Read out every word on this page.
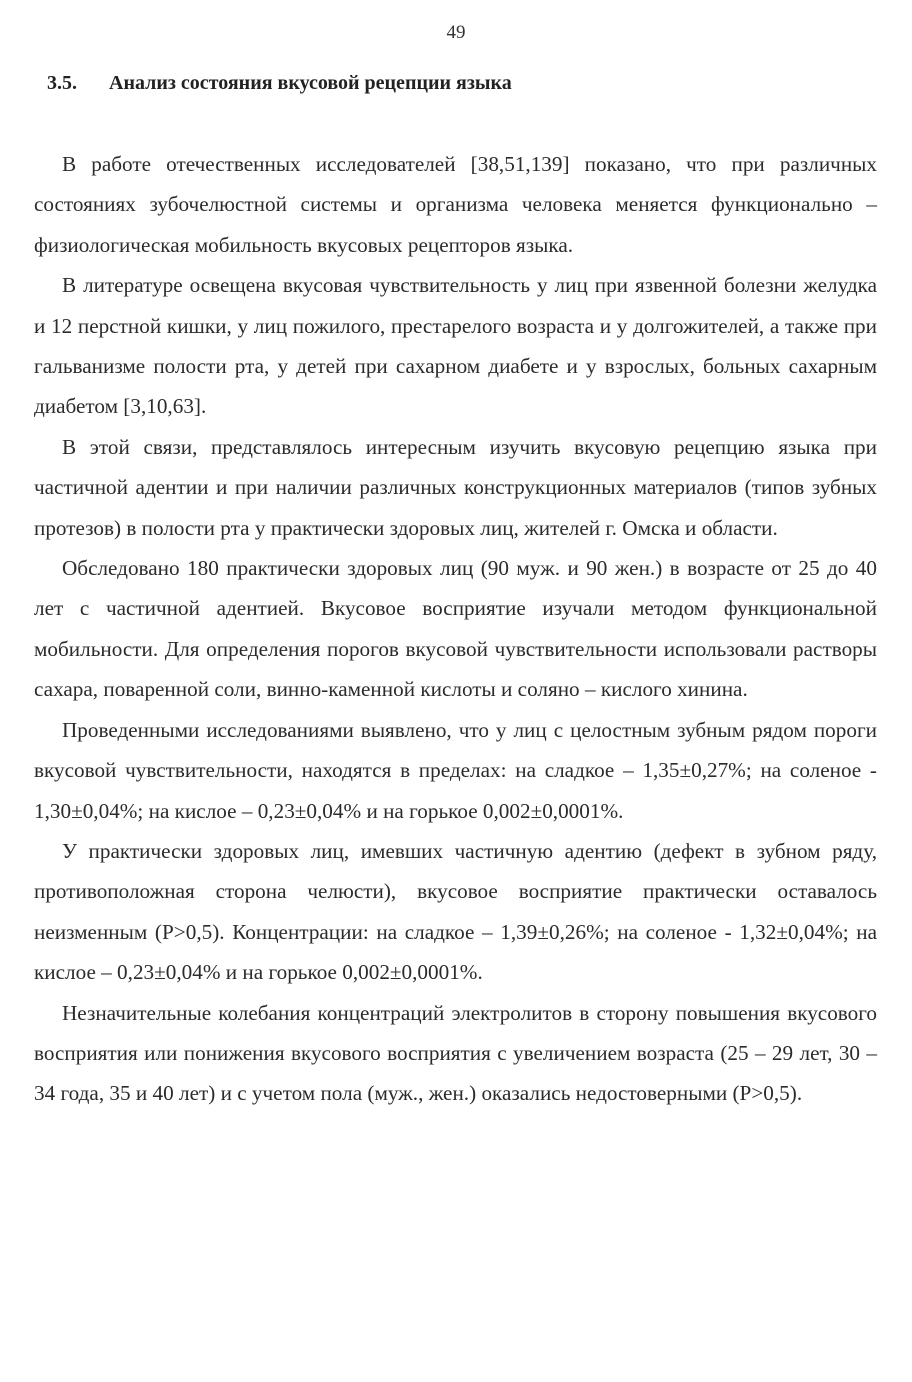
49
3.5. Анализ состояния вкусовой рецепции языка

В работе отечественных исследователей [38,51,139] показано, что при различных состояниях зубочелюстной системы и организма человека меняется функционально – физиологическая мобильность вкусовых рецепторов языка.

В литературе освещена вкусовая чувствительность у лиц при язвенной болезни желудка и 12 перстной кишки, у лиц пожилого, престарелого возраста и у долгожителей, а также при гальванизме полости рта, у детей при сахарном диабете и у взрослых, больных сахарным диабетом [3,10,63].

В этой связи, представлялось интересным изучить вкусовую рецепцию языка при частичной адентии и при наличии различных конструкционных материалов (типов зубных протезов) в полости рта у практически здоровых лиц, жителей г. Омска и области.

Обследовано 180 практически здоровых лиц (90 муж. и 90 жен.) в возрасте от 25 до 40 лет с частичной адентией. Вкусовое восприятие изучали методом функциональной мобильности. Для определения порогов вкусовой чувствительности использовали растворы сахара, поваренной соли, винно-каменной кислоты и соляно – кислого хинина.

Проведенными исследованиями выявлено, что у лиц с целостным зубным рядом пороги вкусовой чувствительности, находятся в пределах: на сладкое – 1,35±0,27%; на соленое - 1,30±0,04%; на кислое – 0,23±0,04% и на горькое 0,002±0,0001%.

У практически здоровых лиц, имевших частичную адентию (дефект в зубном ряду, противоположная сторона челюсти), вкусовое восприятие практически оставалось неизменным (Р>0,5). Концентрации: на сладкое – 1,39±0,26%; на соленое - 1,32±0,04%; на кислое – 0,23±0,04% и на горькое 0,002±0,0001%.

Незначительные колебания концентраций электролитов в сторону повышения вкусового восприятия или понижения вкусового восприятия с увеличением возраста (25 – 29 лет, 30 – 34 года, 35 и 40 лет) и с учетом пола (муж., жен.) оказались недостоверными (Р>0,5).
